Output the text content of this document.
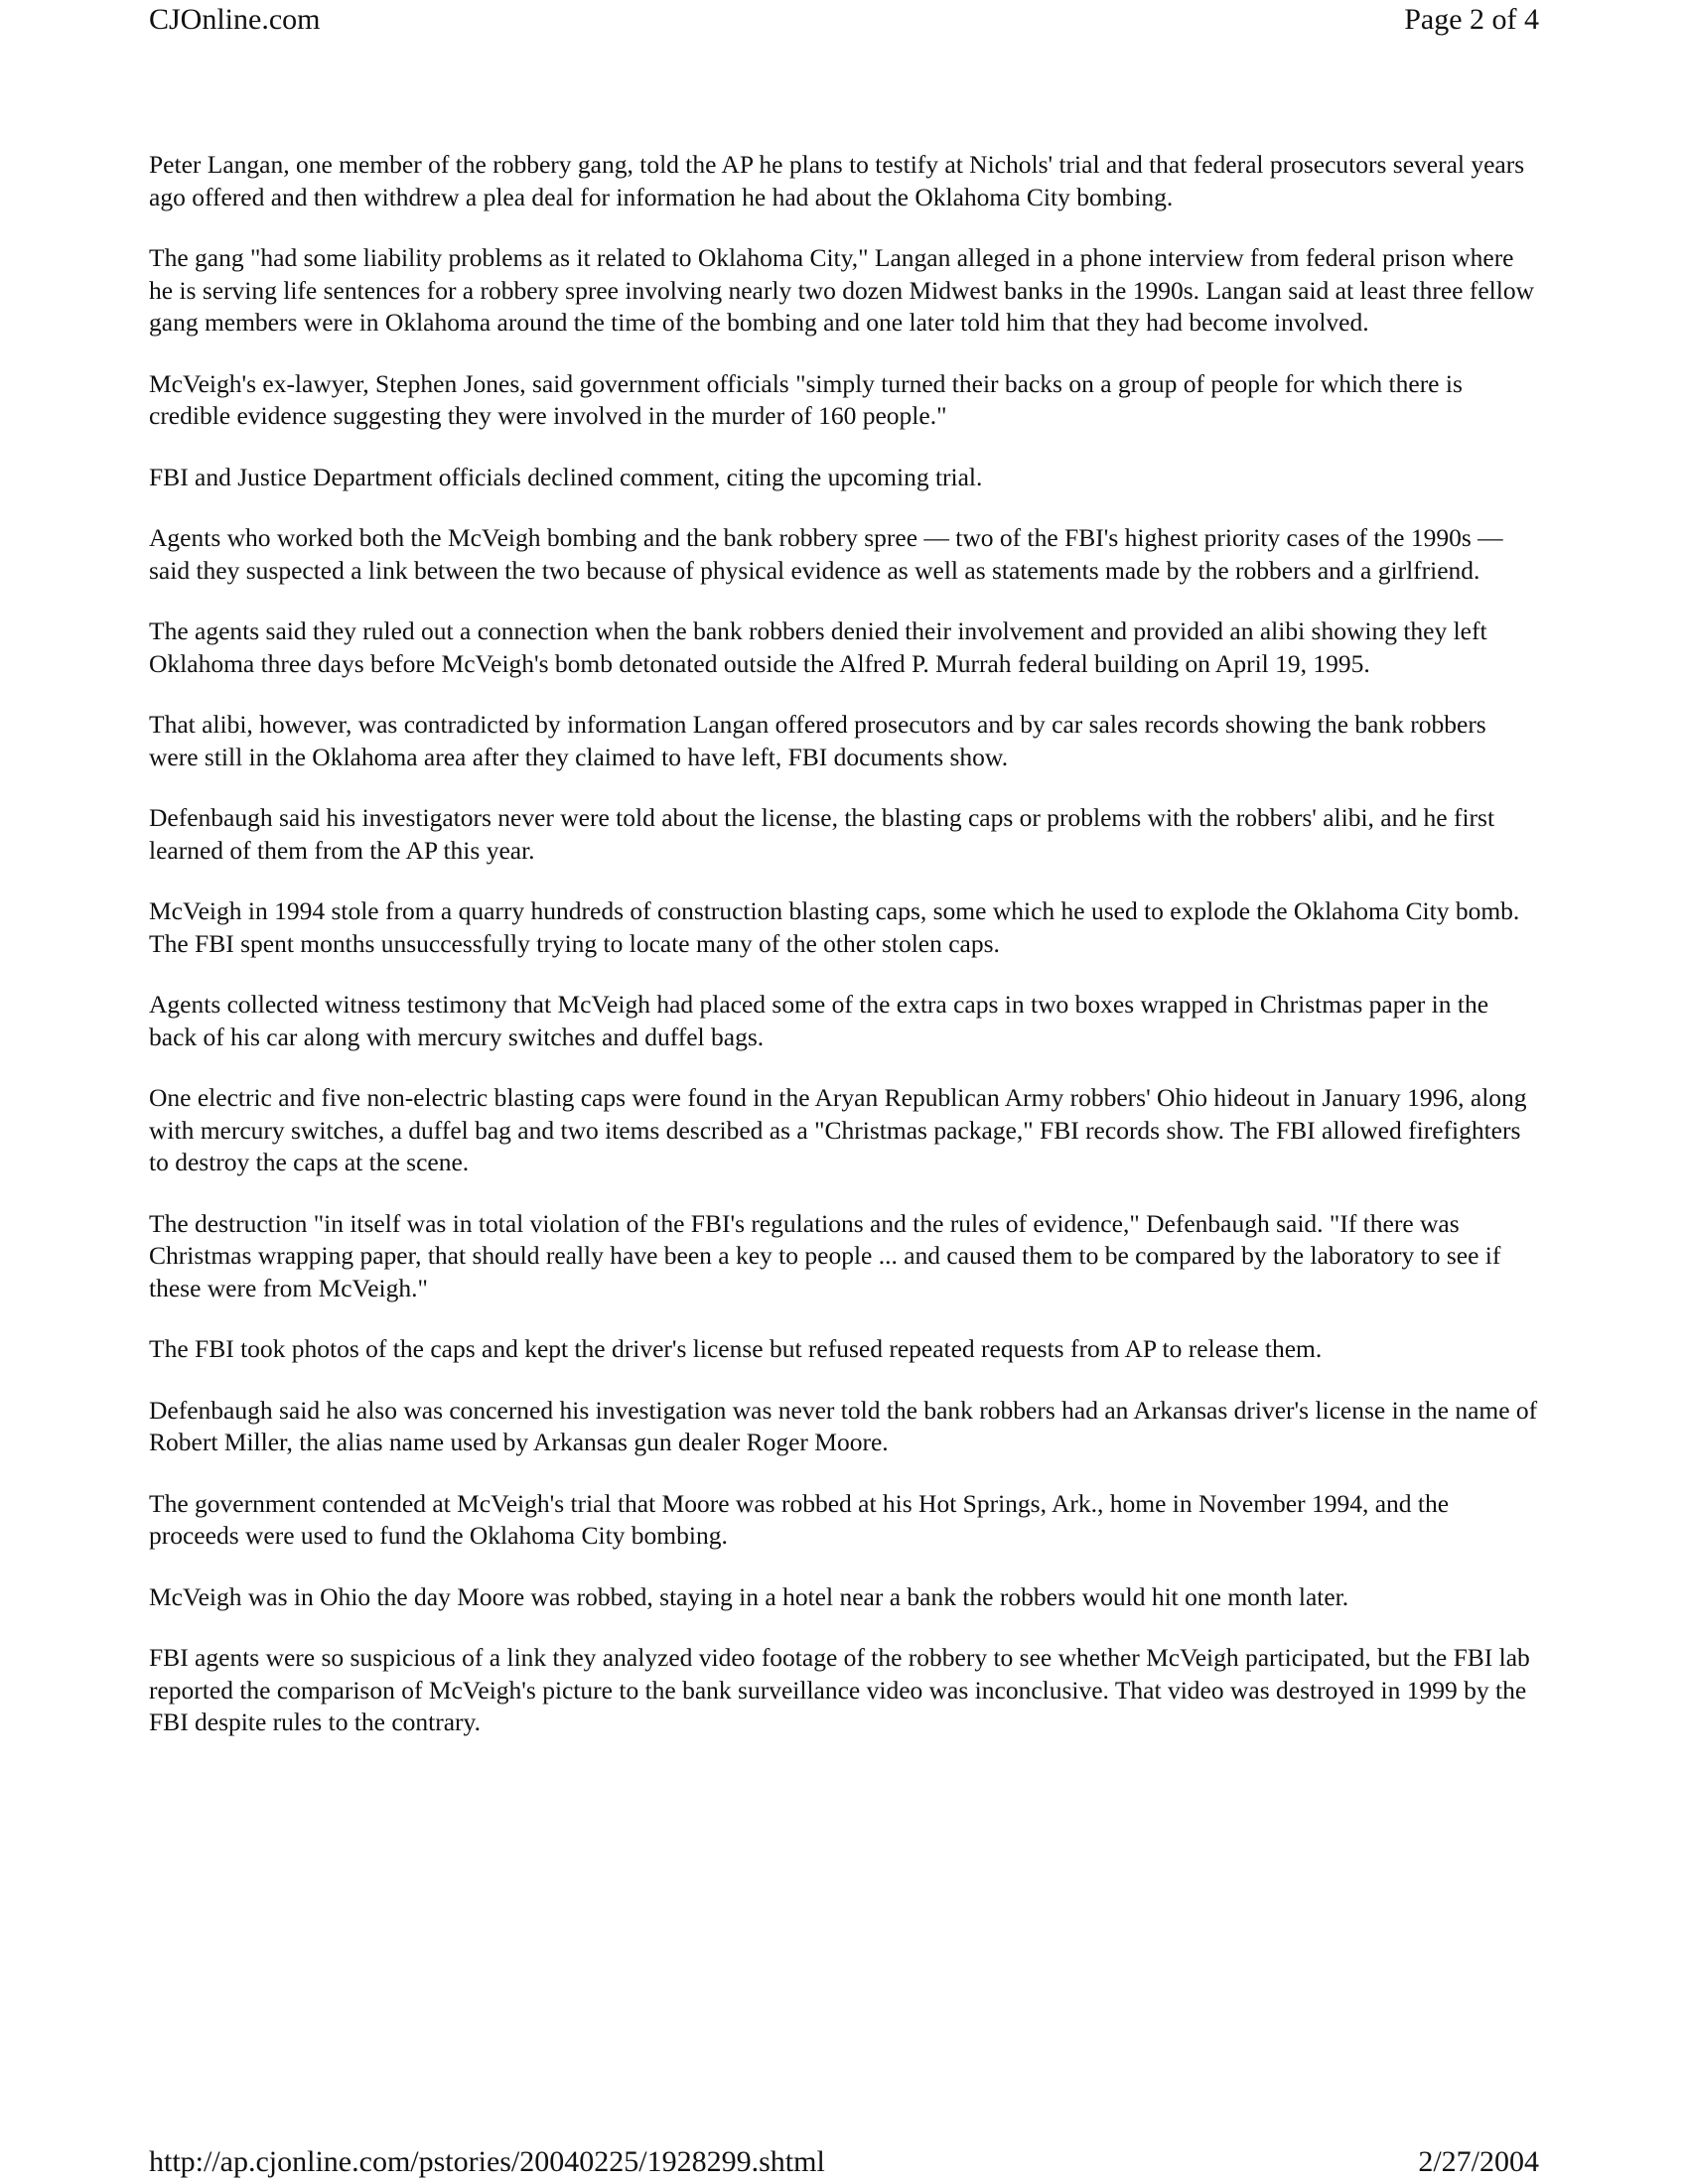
CJOnline.com	Page 2 of 4

Peter Langan, one member of the robbery gang, told the AP he plans to testify at Nichols' trial and that federal prosecutors several years ago offered and then withdrew a plea deal for information he had about the Oklahoma City bombing.

The gang "had some liability problems as it related to Oklahoma City," Langan alleged in a phone interview from federal prison where he is serving life sentences for a robbery spree involving nearly two dozen Midwest banks in the 1990s. Langan said at least three fellow gang members were in Oklahoma around the time of the bombing and one later told him that they had become involved.

McVeigh's ex-lawyer, Stephen Jones, said government officials "simply turned their backs on a group of people for which there is credible evidence suggesting they were involved in the murder of 160 people."

FBI and Justice Department officials declined comment, citing the upcoming trial.

Agents who worked both the McVeigh bombing and the bank robbery spree — two of the FBI's highest priority cases of the 1990s — said they suspected a link between the two because of physical evidence as well as statements made by the robbers and a girlfriend.

The agents said they ruled out a connection when the bank robbers denied their involvement and provided an alibi showing they left Oklahoma three days before McVeigh's bomb detonated outside the Alfred P. Murrah federal building on April 19, 1995.

That alibi, however, was contradicted by information Langan offered prosecutors and by car sales records showing the bank robbers were still in the Oklahoma area after they claimed to have left, FBI documents show.

Defenbaugh said his investigators never were told about the license, the blasting caps or problems with the robbers' alibi, and he first learned of them from the AP this year.

McVeigh in 1994 stole from a quarry hundreds of construction blasting caps, some which he used to explode the Oklahoma City bomb. The FBI spent months unsuccessfully trying to locate many of the other stolen caps.

Agents collected witness testimony that McVeigh had placed some of the extra caps in two boxes wrapped in Christmas paper in the back of his car along with mercury switches and duffel bags.

One electric and five non-electric blasting caps were found in the Aryan Republican Army robbers' Ohio hideout in January 1996, along with mercury switches, a duffel bag and two items described as a "Christmas package," FBI records show. The FBI allowed firefighters to destroy the caps at the scene.

The destruction "in itself was in total violation of the FBI's regulations and the rules of evidence," Defenbaugh said. "If there was Christmas wrapping paper, that should really have been a key to people ... and caused them to be compared by the laboratory to see if these were from McVeigh."

The FBI took photos of the caps and kept the driver's license but refused repeated requests from AP to release them.

Defenbaugh said he also was concerned his investigation was never told the bank robbers had an Arkansas driver's license in the name of Robert Miller, the alias name used by Arkansas gun dealer Roger Moore.

The government contended at McVeigh's trial that Moore was robbed at his Hot Springs, Ark., home in November 1994, and the proceeds were used to fund the Oklahoma City bombing.

McVeigh was in Ohio the day Moore was robbed, staying in a hotel near a bank the robbers would hit one month later.

FBI agents were so suspicious of a link they analyzed video footage of the robbery to see whether McVeigh participated, but the FBI lab reported the comparison of McVeigh's picture to the bank surveillance video was inconclusive. That video was destroyed in 1999 by the FBI despite rules to the contrary.

http://ap.cjonline.com/pstories/20040225/1928299.shtml	2/27/2004
